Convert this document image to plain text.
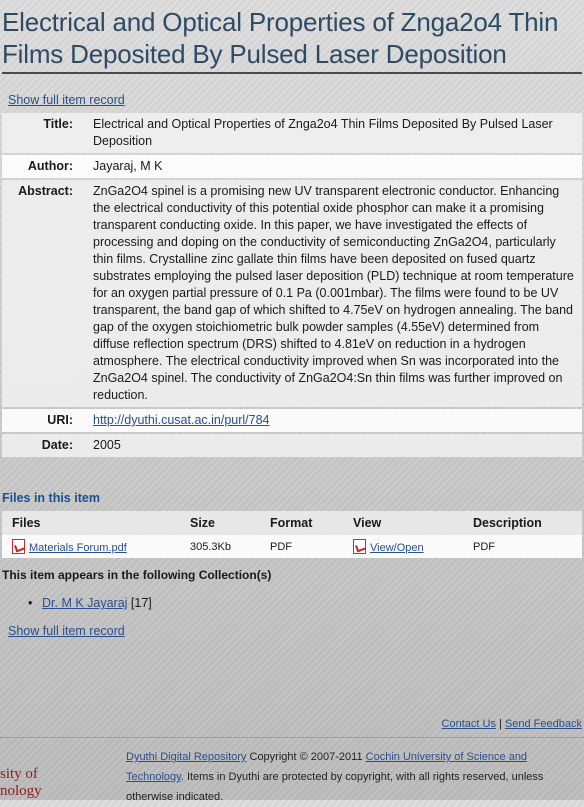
Electrical and Optical Properties of Znga2o4 Thin Films Deposited By Pulsed Laser Deposition
Show full item record
Title:	Electrical and Optical Properties of Znga2o4 Thin Films Deposited By Pulsed Laser Deposition
Author:	Jayaraj, M K
Abstract:	ZnGa2O4 spinel is a promising new UV transparent electronic conductor. Enhancing the electrical conductivity of this potential oxide phosphor can make it a promising transparent conducting oxide. In this paper, we have investigated the effects of processing and doping on the conductivity of semiconducting ZnGa2O4, particularly thin films. Crystalline zinc gallate thin films have been deposited on fused quartz substrates employing the pulsed laser deposition (PLD) technique at room temperature for an oxygen partial pressure of 0.1 Pa (0.001mbar). The films were found to be UV transparent, the band gap of which shifted to 4.75eV on hydrogen annealing. The band gap of the oxygen stoichiometric bulk powder samples (4.55eV) determined from diffuse reflection spectrum (DRS) shifted to 4.81eV on reduction in a hydrogen atmosphere. The electrical conductivity improved when Sn was incorporated into the ZnGa2O4 spinel. The conductivity of ZnGa2O4:Sn thin films was further improved on reduction.
URI:	http://dyuthi.cusat.ac.in/purl/784
Date:	2005
Files in this item
Files	Size	Format	View	Description
Materials Forum.pdf	305.3Kb	PDF	View/Open	PDF
This item appears in the following Collection(s)
• Dr. M K Jayaraj [17]
Show full item record
Contact Us | Send Feedback
Dyuthi Digital Repository Copyright © 2007-2011 Cochin University of Science and Technology. Items in Dyuthi are protected by copyright, with all rights reserved, unless otherwise indicated.
sity of
nology
